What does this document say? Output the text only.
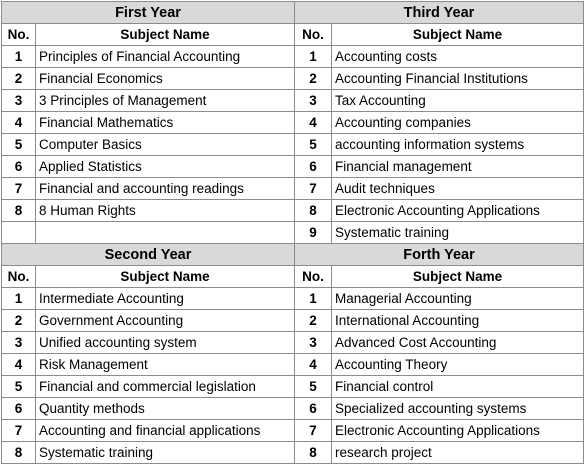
First Year		Third Year	
No.	Subject Name	No.	Subject Name
1	Principles of Financial Accounting	1	Accounting costs
2	Financial Economics	2	Accounting Financial Institutions
3	3 Principles of Management	3	Tax Accounting
4	Financial Mathematics	4	Accounting companies
5	Computer Basics	5	accounting information systems
6	Applied Statistics	6	Financial management
7	Financial and accounting readings	7	Audit techniques
8	8 Human Rights	8	Electronic Accounting Applications
		9	Systematic training
Second Year		Forth Year	
No.	Subject Name	No.	Subject Name
1	Intermediate Accounting	1	Managerial Accounting
2	Government Accounting	2	International Accounting
3	Unified accounting system	3	Advanced Cost Accounting
4	Risk Management	4	Accounting Theory
5	Financial and commercial legislation	5	Financial control
6	Quantity methods	6	Specialized accounting systems
7	Accounting and financial applications	7	Electronic Accounting Applications
8	Systematic training	8	research project
